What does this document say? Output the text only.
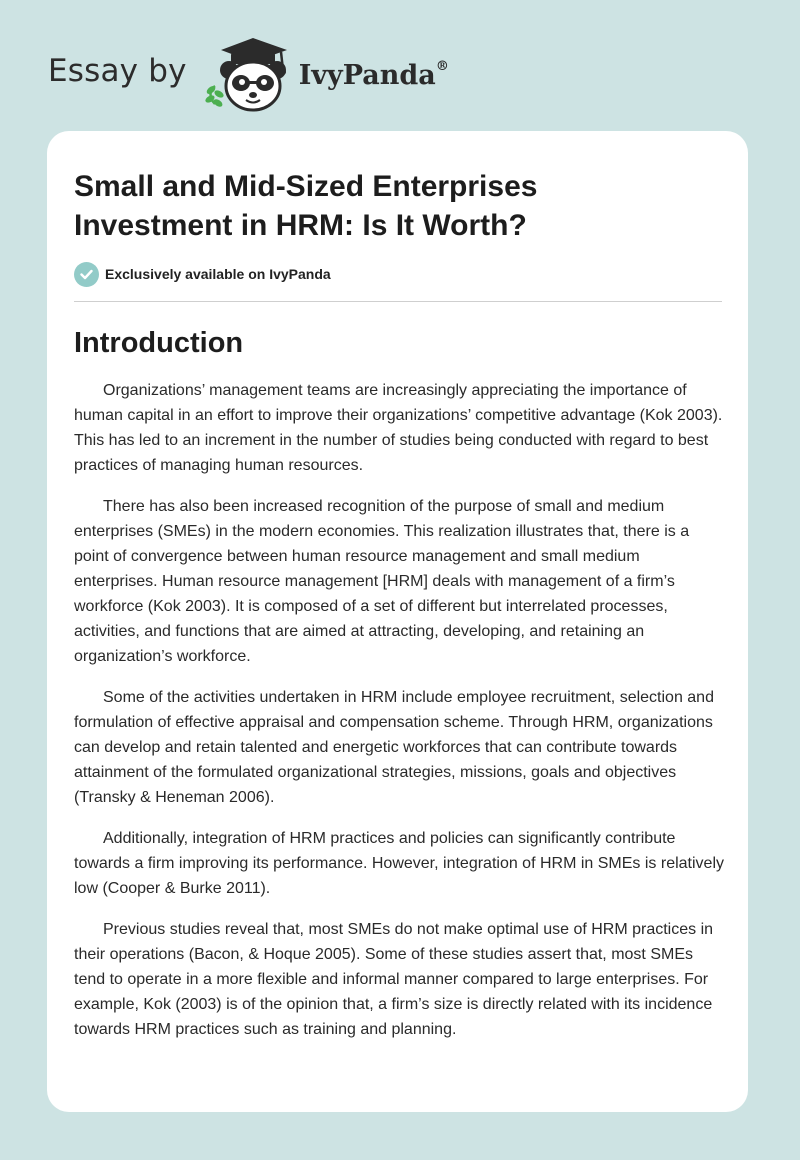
Essay by	IvyPanda®
Small and Mid-Sized Enterprises Investment in HRM: Is It Worth?
Exclusively available on IvyPanda
Introduction

Organizations’ management teams are increasingly appreciating the importance of human capital in an effort to improve their organizations’ competitive advantage (Kok 2003). This has led to an increment in the number of studies being conducted with regard to best practices of managing human resources.

There has also been increased recognition of the purpose of small and medium enterprises (SMEs) in the modern economies. This realization illustrates that, there is a point of convergence between human resource management and small medium enterprises. Human resource management [HRM] deals with management of a firm’s workforce (Kok 2003). It is composed of a set of different but interrelated processes, activities, and functions that are aimed at attracting, developing, and retaining an organization’s workforce.

Some of the activities undertaken in HRM include employee recruitment, selection and formulation of effective appraisal and compensation scheme. Through HRM, organizations can develop and retain talented and energetic workforces that can contribute towards attainment of the formulated organizational strategies, missions, goals and objectives (Transky & Heneman 2006).

Additionally, integration of HRM practices and policies can significantly contribute towards a firm improving its performance. However, integration of HRM in SMEs is relatively low (Cooper & Burke 2011).

Previous studies reveal that, most SMEs do not make optimal use of HRM practices in their operations (Bacon, & Hoque 2005). Some of these studies assert that, most SMEs tend to operate in a more flexible and informal manner compared to large enterprises. For example, Kok (2003) is of the opinion that, a firm’s size is directly related with its incidence towards HRM practices such as training and planning.
